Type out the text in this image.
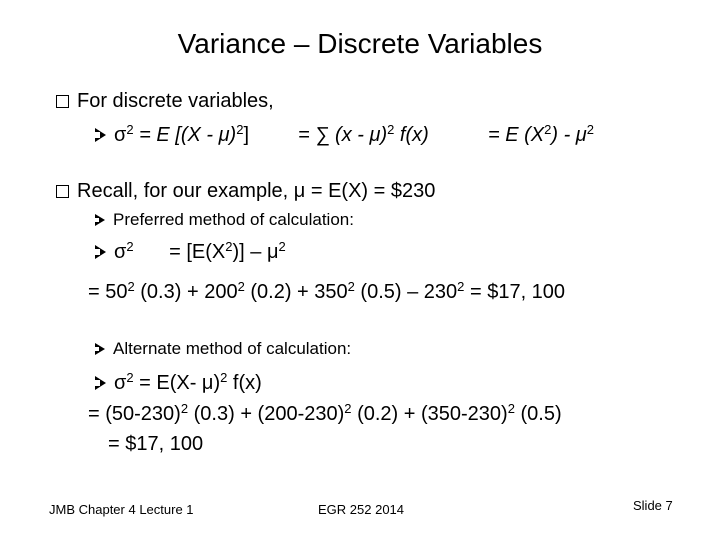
Variance – Discrete Variables
For discrete variables,
$\sigma^2 = E$ [(X - μ)$^2$] = ∑ (x - μ)$^2$ f(x)	= E $(X^2) - \mu^2$
Recall, for our example, μ = E(X) = $230
Preferred method of calculation:
$\sigma^2 = [E(X^2)] - \mu^2$
= $50^2$ $(0.3) + 200^2$ $(0.2) + 350^2$ $(0.5) - 230^2$ = $17, 100
Alternate method of calculation:
$\sigma^2 = E(X-$ μ)$^2$ f(x)
= $(50-230)^2$ $(0.3) + (200-230)^2$ $(0.2) + (350-230)^2$ (0.5)
= $17, 100
JMB Chapter 4 Lecture 1	EGR 252 2014	Slide 7
